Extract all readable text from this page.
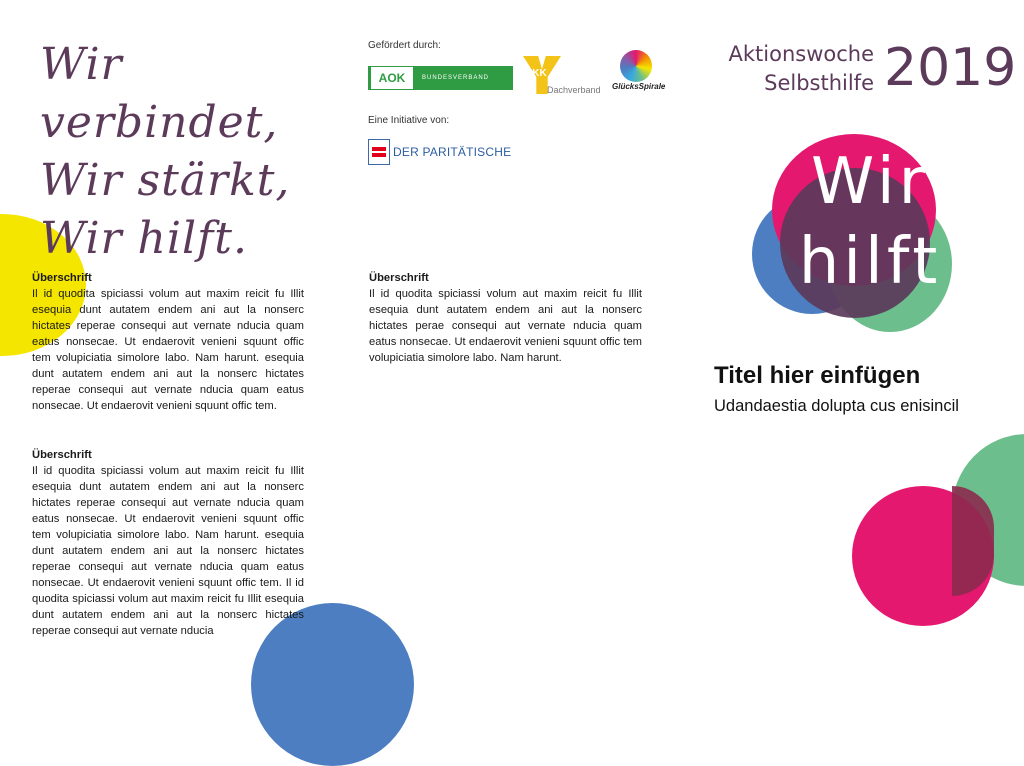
Wir verbindet,
Wir stärkt,
Wir hilft.
Gefördert durch:
AOK	BUNDESVERBAND	BKK
Dachverband GlücksSpirale
Eine Initiative von:
DER PARITÄTISCHE
Aktionswoche
Selbsthilfe 2019
Wir
hilft
Titel hier einfügen
Udandaestia dolupta cus enisincil
Überschrift

Il id quodita spiciassi volum aut maxim reicit fu Illit esequia dunt autatem endem ani aut la nonserc hictates reperae consequi aut vernate nducia quam eatus nonsecae. Ut endaerovit venieni squunt offic tem volupiciatia simolore labo. Nam harunt. esequia dunt autatem endem ani aut la nonserc hictates reperae consequi aut vernate nducia quam eatus nonsecae. Ut endaerovit venieni squunt offic tem.

Überschrift

Il id quodita spiciassi volum aut maxim reicit fu Illit esequia dunt autatem endem ani aut la nonserc hictates reperae consequi aut vernate nducia quam eatus nonsecae. Ut endaerovit venieni squunt offic tem volupiciatia simolore labo. Nam harunt. esequia dunt autatem endem ani aut la nonserc hictates reperae consequi aut vernate nducia quam eatus nonsecae. Ut endaerovit venieni squunt offic tem. Il id quodita spiciassi volum aut maxim reicit fu Illit esequia dunt autatem endem ani aut la nonserc hictates reperae consequi aut vernate nducia

Überschrift

Il id quodita spiciassi volum aut maxim reicit fu Illit esequia dunt autatem endem ani aut la nonserc hictates perae consequi aut vernate nducia quam eatus nonsecae. Ut endaerovit venieni squunt offic tem volupiciatia simolore labo. Nam harunt.
